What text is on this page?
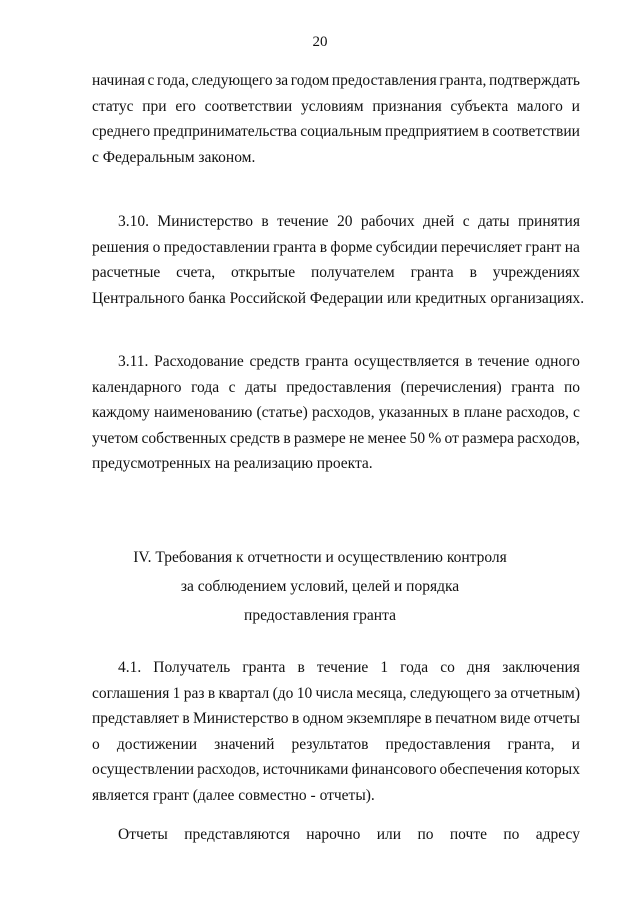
20
начиная с года, следующего за годом предоставления гранта, подтверждать
статус при его соответствии условиям признания субъекта малого и
среднего предпринимательства социальным предприятием в соответствии
с Федеральным законом.
3.10. Министерство в течение 20 рабочих дней с даты принятия
решения о предоставлении гранта в форме субсидии перечисляет грант на
расчетные счета, открытые получателем гранта в учреждениях
Центрального банка Российской Федерации или кредитных организациях.
3.11. Расходование средств гранта осуществляется в течение одного
календарного года с даты предоставления (перечисления) гранта по
каждому наименованию (статье) расходов, указанных в плане расходов, с
учетом собственных средств в размере не менее 50 % от размера расходов,
предусмотренных на реализацию проекта.
IV. Требования к отчетности и осуществлению контроля
за соблюдением условий, целей и порядка
предоставления гранта
4.1. Получатель гранта в течение 1 года со дня заключения
соглашения 1 раз в квартал (до 10 числа месяца, следующего за отчетным)
представляет в Министерство в одном экземпляре в печатном виде отчеты
о достижении значений результатов предоставления гранта, и
осуществлении расходов, источниками финансового обеспечения которых
является грант (далее совместно - отчеты).
Отчеты представляются нарочно или по почте по адресу
